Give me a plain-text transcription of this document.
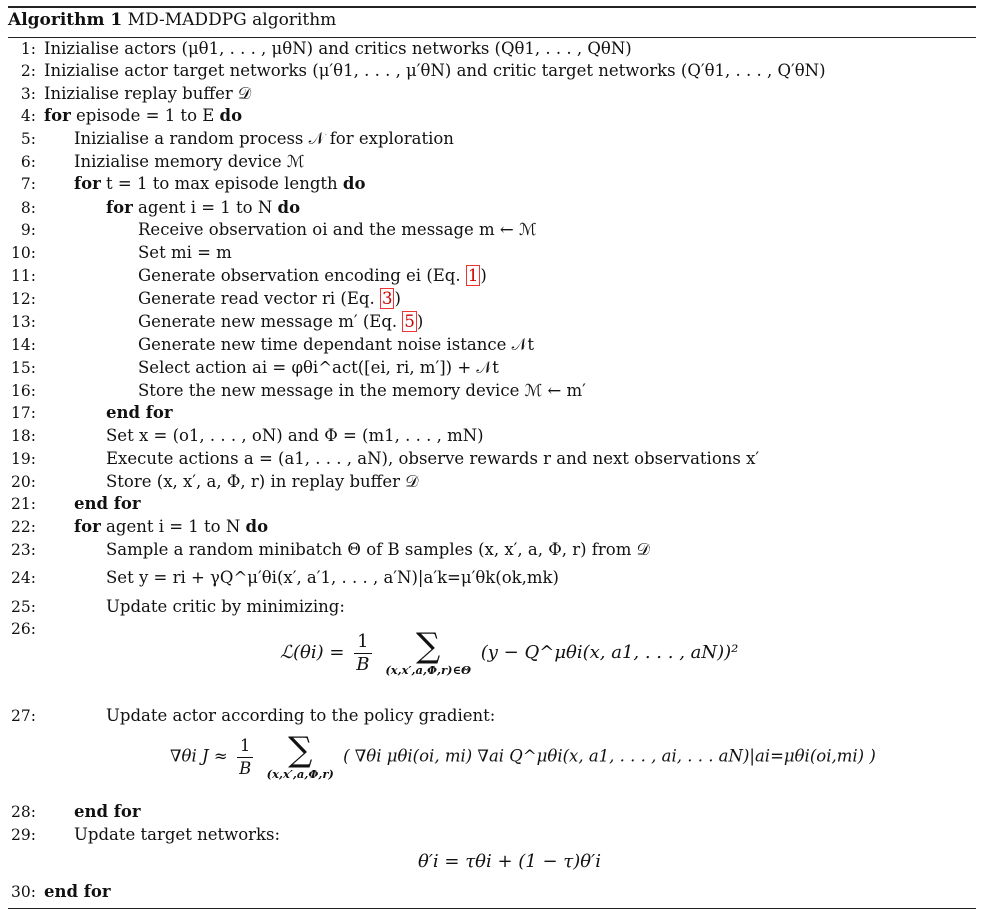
Algorithm 1 MD-MADDPG algorithm
1: Inizialise actors (μθ1, . . . , μθN) and critics networks (Qθ1, . . . , QθN)
2: Inizialise actor target networks (μ′θ1, . . . , μ′θN) and critic target networks (Q′θ1, . . . , Q′θN)
3: Inizialise replay buffer 𝒟
4: for episode = 1 to E do
5: Inizialise a random process 𝒩 for exploration
6: Inizialise memory device ℳ
7: for t = 1 to max episode length do
8:	for agent i = 1 to N do
9:	Receive observation oi and the message m ← ℳ
10:	Set mi = m
11:	Generate observation encoding ei (Eq. 1 )
12:	Generate read vector ri (Eq. 3 )
13:	Generate new message m′ (Eq. 5 )
14:	Generate new time dependant noise istance 𝒩t
15:	Select action ai = φθi^act([ei, ri, m′]) + 𝒩t
16:	Store the new message in the memory device ℳ ← m′
17:	end for
18:	Set x = (o1, . . . , oN) and Φ = (m1, . . . , mN)
19:	Execute actions a = (a1, . . . , aN), observe rewards r and next observations x′
20:	Store (x, x′, a, Φ, r) in replay buffer 𝒟
21: end for
22: for agent i = 1 to N do
23:	Sample a random minibatch Θ of B samples (x, x′, a, Φ, r) from 𝒟
24:	Set y = ri + γQ^μ′θi(x′, a′1, . . . , a′N)|a′k=μ′θk(ok,mk)
25:	Update critic by minimizing:
26:
27:	Update actor according to the policy gradient:
28: end for
29: Update target networks:
30: end for
ℒ(θi) = $\frac{1}{B}$
	∑
(x,x′,a,Φ,r)∈Θ
(y − Q^μθi(x, a1, . . . , aN))²
∇θi $J \approx \frac{1}{B}$
	∑
(x,x′,a,Φ,r)
( ∇θi μθi(oi, mi) ∇ai Q^μθi(x, a1, . . . , ai, . . . aN)|ai=μθi(oi,mi) )
θ′i = τθi + (1 − τ)θ′i
